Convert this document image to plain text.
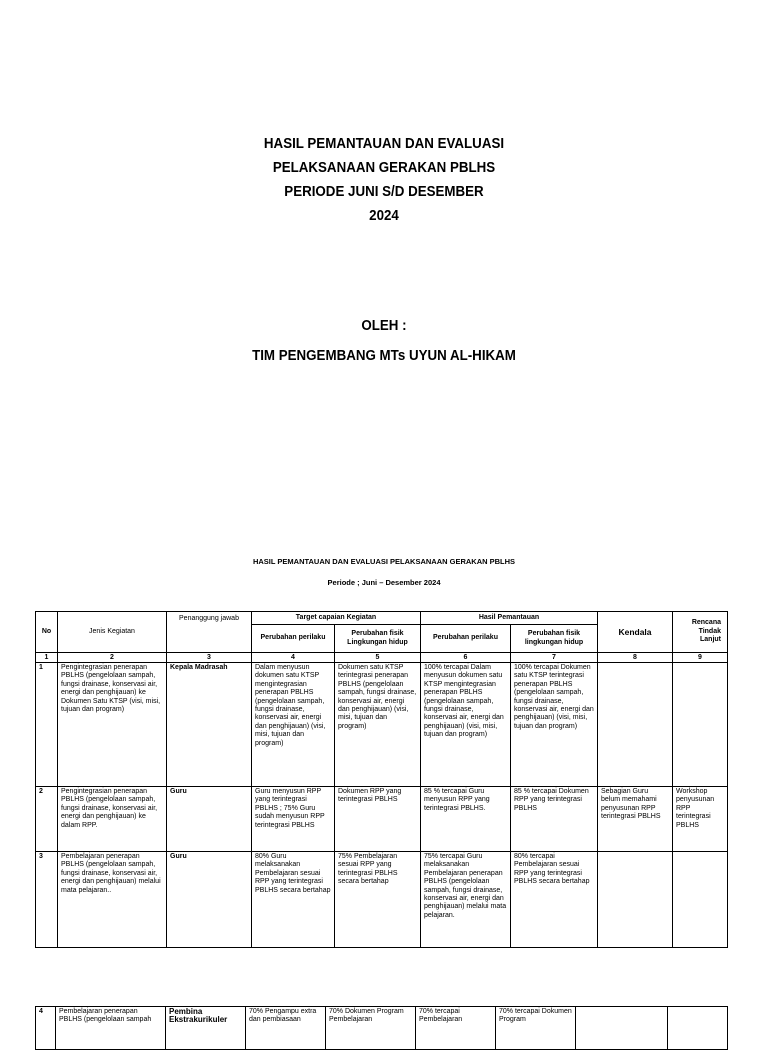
HASIL PEMANTAUAN DAN EVALUASI
PELAKSANAAN GERAKAN PBLHS
PERIODE JUNI S/D DESEMBER
2024
OLEH :
TIM PENGEMBANG MTs UYUN AL-HIKAM
HASIL PEMANTAUAN DAN EVALUASI PELAKSANAAN GERAKAN PBLHS
Periode ; Juni – Desember 2024
No	Jenis Kegiatan	Penanggung jawab	Target capaian Kegiatan		Hasil Pemantauan		Kendala	Rencana Tindak Lanjut
			Perubahan perilaku	Perubahan fisik Lingkungan hidup	Perubahan perilaku	Perubahan fisik lingkungan hidup		
1	2	3	4	5	6	7	8	9
1	Pengintegrasian penerapan PBLHS (pengelolaan sampah, fungsi drainase, konservasi air, energi dan penghijauan) ke Dokumen Satu KTSP (visi, misi, tujuan dan program)	Kepala Madrasah	Dalam menyusun dokumen satu KTSP mengintegrasian penerapan PBLHS (pengelolaan sampah, fungsi drainase, konservasi air, energi dan penghijauan) (visi, misi, tujuan dan program)	Dokumen satu KTSP terintegrasi penerapan PBLHS (pengelolaan sampah, fungsi drainase, konservasi air, energi dan penghijauan) (visi, misi, tujuan dan program)	100% tercapai Dalam menyusun dokumen satu KTSP mengintegrasian penerapan PBLHS (pengelolaan sampah, fungsi drainase, konservasi air, energi dan penghijauan) (visi, misi, tujuan dan program)	100% tercapai Dokumen satu KTSP terintegrasi penerapan PBLHS (pengelolaan sampah, fungsi drainase, konservasi air, energi dan penghijauan) (visi, misi, tujuan dan program)		
2	Pengintegrasian penerapan PBLHS (pengelolaan sampah, fungsi drainase, konservasi air, energi dan penghijauan) ke dalam RPP.	Guru	Guru menyusun RPP yang terintegrasi PBLHS ; 75% Guru sudah menyusun RPP terintegrasi PBLHS	Dokumen RPP yang terintegrasi PBLHS	85 % tercapai Guru menyusun RPP yang terintegrasi PBLHS.	85 % tercapai Dokumen RPP yang terintegrasi PBLHS	Sebagian Guru belum memahami penyusunan RPP terintegrasi PBLHS	Workshop penyusunan RPP terintegrasi PBLHS
3	Pembelajaran penerapan PBLHS (pengelolaan sampah, fungsi drainase, konservasi air, energi dan penghijauan) melalui mata pelajaran..	Guru	80% Guru melaksanakan Pembelajaran sesuai RPP yang terintegrasi PBLHS secara bertahap	75% Pembelajaran sesuai RPP yang terintegrasi PBLHS secara bertahap	75% tercapai Guru melaksanakan Pembelajaran penerapan PBLHS (pengelolaan sampah, fungsi drainase, konservasi air, energi dan penghijauan) melalui mata pelajaran.	80% tercapai Pembelajaran sesuai RPP yang terintegrasi PBLHS secara bertahap		
4	Pembelajaran penerapan PBLHS (pengelolaan sampah	Pembina Ekstrakurikuler	70% Pengampu extra dan pembiasaan	70% Dokumen Program Pembelajaran	70% tercapai Pembelajaran	70% tercapai Dokumen Program		
